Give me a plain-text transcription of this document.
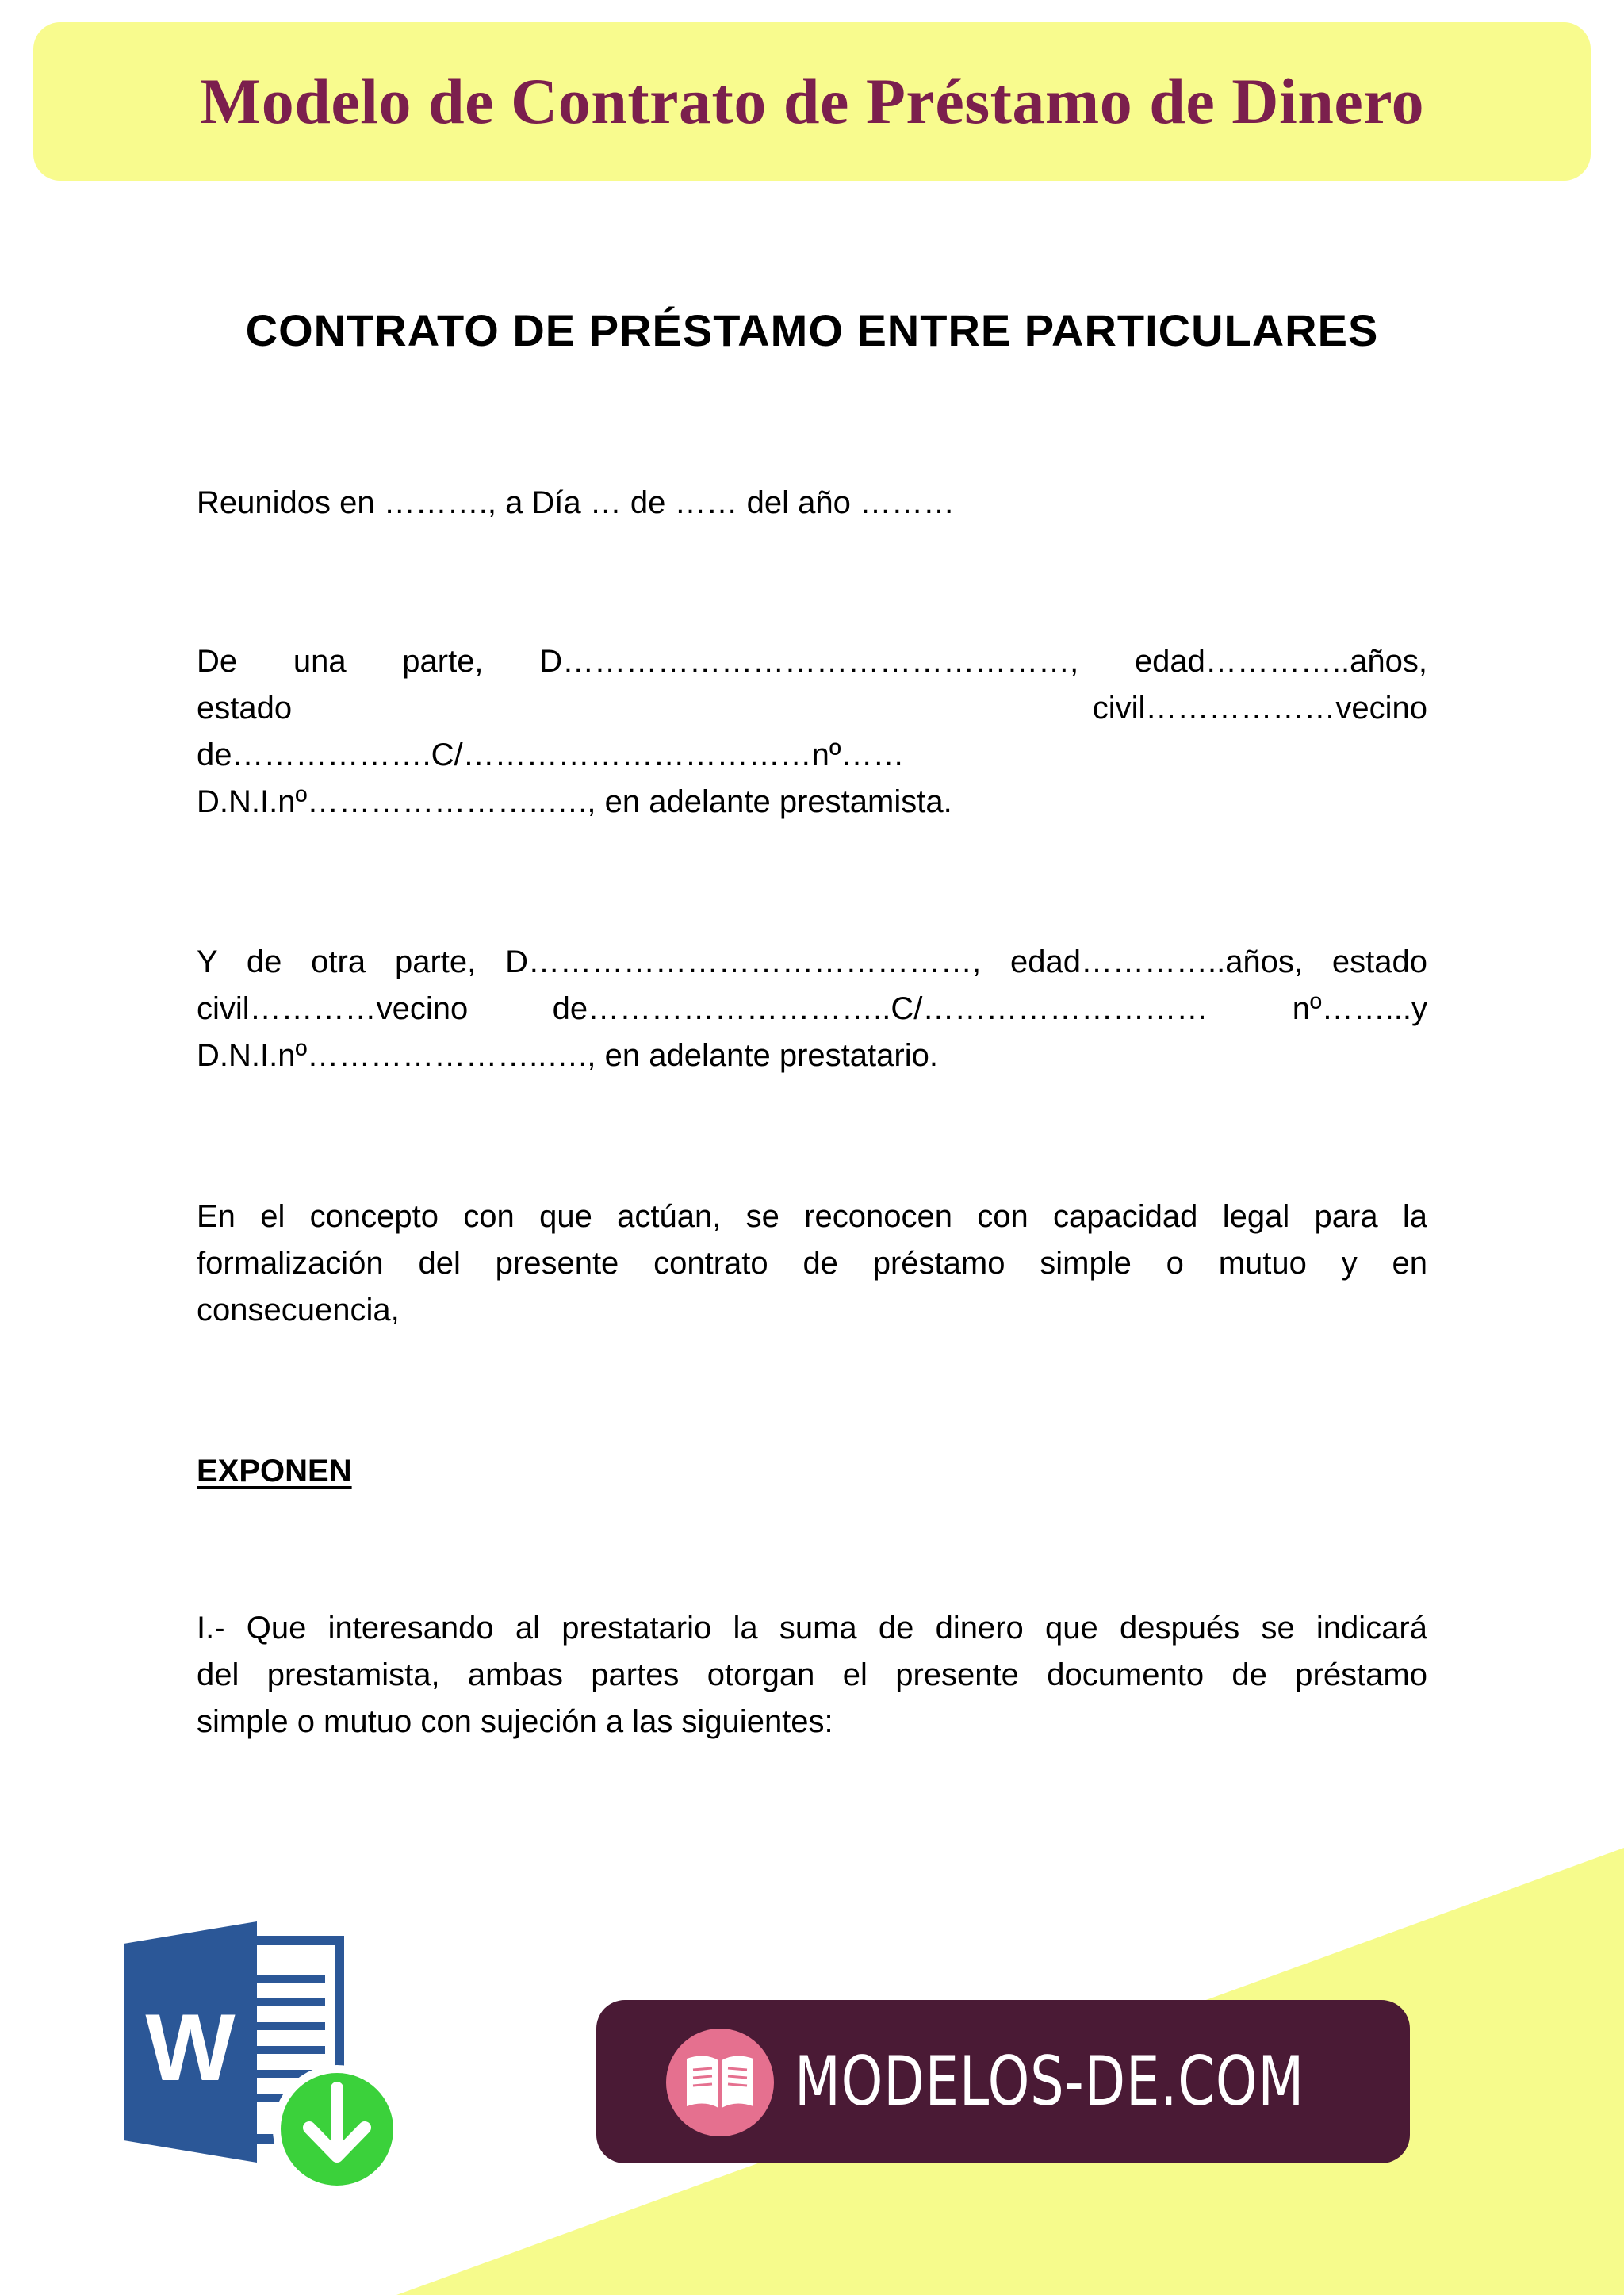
Modelo de Contrato de Préstamo de Dinero
CONTRATO DE PRÉSTAMO ENTRE PARTICULARES
Reunidos en ………., a Día … de …… del año ………
De una parte, D…………………………………………, edad…………..años,
estado civil………………vecino
de……………….C/……………………………nº……
D.N.I.nº…………………..…., en adelante prestamista.
Y de otra parte, D……………………………………, edad…………..años, estado
civil…………vecino de………………………..C/……………………… nº……...y
D.N.I.nº…………………..…., en adelante prestatario.
En el concepto con que actúan, se reconocen con capacidad legal para la
formalización del presente contrato de préstamo simple o mutuo y en
consecuencia,
EXPONEN
I.- Que interesando al prestatario la suma de dinero que después se indicará
del prestamista, ambas partes otorgan el presente documento de préstamo
simple o mutuo con sujeción a las siguientes:
W	MODELOS-DE.COM
